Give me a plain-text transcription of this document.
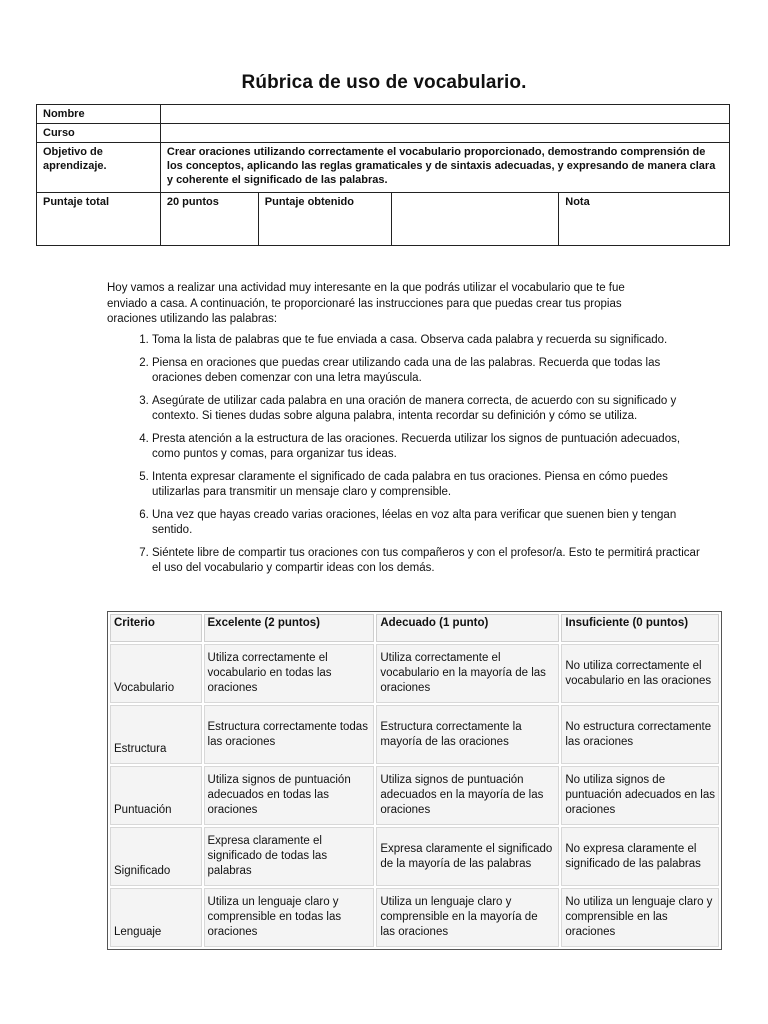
Rúbrica de uso de vocabulario.
Nombre				
Curso				
Objetivo de aprendizaje.	Crear oraciones utilizando correctamente el vocabulario proporcionado, demostrando comprensión de los conceptos, aplicando las reglas gramaticales y de sintaxis adecuadas, y expresando de manera clara y coherente el significado de las palabras.			
Puntaje total	20 puntos	Puntaje obtenido		Nota

Hoy vamos a realizar una actividad muy interesante en la que podrás utilizar el vocabulario que te fue enviado a casa. A continuación, te proporcionaré las instrucciones para que puedas crear tus propias oraciones utilizando las palabras:

1. Toma la lista de palabras que te fue enviada a casa. Observa cada palabra y recuerda su significado.
2. Piensa en oraciones que puedas crear utilizando cada una de las palabras. Recuerda que todas las oraciones deben comenzar con una letra mayúscula.
3. Asegúrate de utilizar cada palabra en una oración de manera correcta, de acuerdo con su significado y contexto. Si tienes dudas sobre alguna palabra, intenta recordar su definición y cómo se utiliza.
4. Presta atención a la estructura de las oraciones. Recuerda utilizar los signos de puntuación adecuados, como puntos y comas, para organizar tus ideas.
5. Intenta expresar claramente el significado de cada palabra en tus oraciones. Piensa en cómo puedes utilizarlas para transmitir un mensaje claro y comprensible.
6. Una vez que hayas creado varias oraciones, léelas en voz alta para verificar que suenen bien y tengan sentido.
7. Siéntete libre de compartir tus oraciones con tus compañeros y con el profesor/a. Esto te permitirá practicar el uso del vocabulario y compartir ideas con los demás.
Criterio	Excelente (2 puntos)	Adecuado (1 punto)	Insuficiente (0 puntos)
Vocabulario	Utiliza correctamente el vocabulario en todas las oraciones	Utiliza correctamente el vocabulario en la mayoría de las oraciones	No utiliza correctamente el vocabulario en las oraciones
Estructura	Estructura correctamente todas las oraciones	Estructura correctamente la mayoría de las oraciones	No estructura correctamente las oraciones
Puntuación	Utiliza signos de puntuación adecuados en todas las oraciones	Utiliza signos de puntuación adecuados en la mayoría de las oraciones	No utiliza signos de puntuación adecuados en las oraciones
Significado	Expresa claramente el significado de todas las palabras	Expresa claramente el significado de la mayoría de las palabras	No expresa claramente el significado de las palabras
Lenguaje	Utiliza un lenguaje claro y comprensible en todas las oraciones	Utiliza un lenguaje claro y comprensible en la mayoría de las oraciones	No utiliza un lenguaje claro y comprensible en las oraciones
